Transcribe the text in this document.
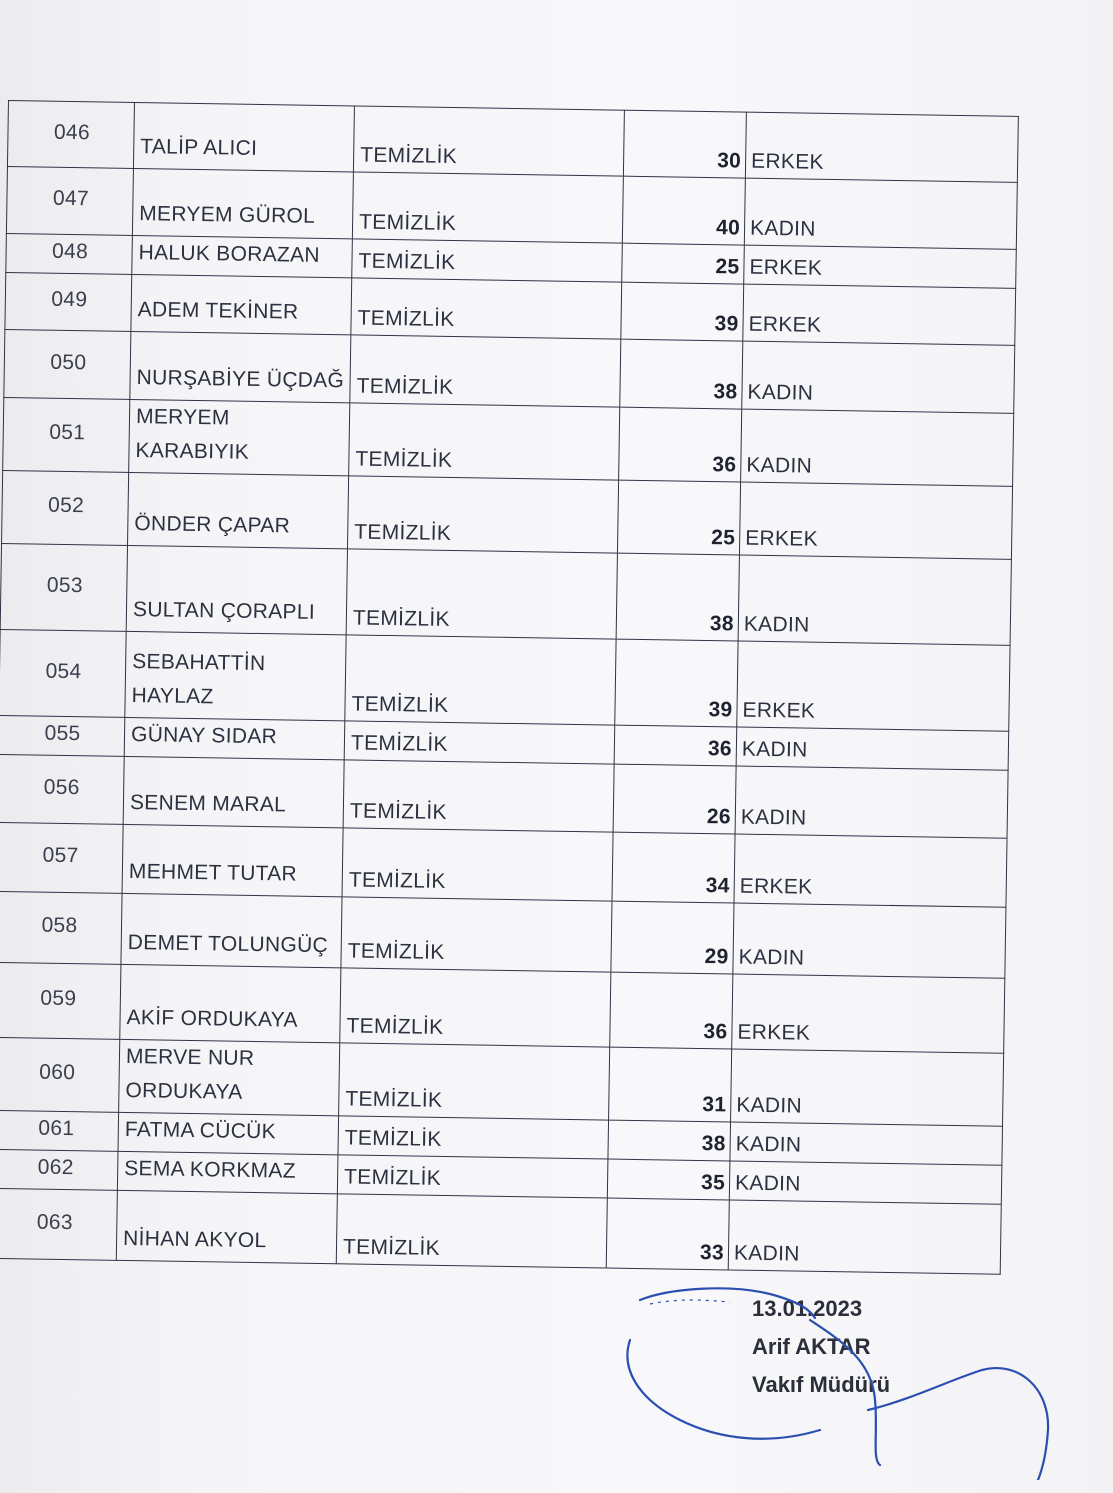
046	TALİP ALICI	TEMİZLİK	30	ERKEK
047	MERYEM GÜROL	TEMİZLİK	40	KADIN
048	HALUK BORAZAN	TEMİZLİK	25	ERKEK
049	ADEM TEKİNER	TEMİZLİK	39	ERKEK
050	NURŞABİYE ÜÇDAĞ	TEMİZLİK	38	KADIN
051	MERYEM KARABIYIK	TEMİZLİK	36	KADIN
052	ÖNDER ÇAPAR	TEMİZLİK	25	ERKEK
053	SULTAN ÇORAPLI	TEMİZLİK	38	KADIN
054	SEBAHATTİN HAYLAZ	TEMİZLİK	39	ERKEK
055	GÜNAY SIDAR	TEMİZLİK	36	KADIN
056	SENEM MARAL	TEMİZLİK	26	KADIN
057	MEHMET TUTAR	TEMİZLİK	34	ERKEK
058	DEMET TOLUNGÜÇ	TEMİZLİK	29	KADIN
059	AKİF ORDUKAYA	TEMİZLİK	36	ERKEK
060	MERVE NUR ORDUKAYA	TEMİZLİK	31	KADIN
061	FATMA CÜCÜK	TEMİZLİK	38	KADIN
062	SEMA KORKMAZ	TEMİZLİK	35	KADIN
063	NİHAN AKYOL	TEMİZLİK	33	KADIN
13.01.2023
Arif AKTAR
Vakıf Müdürü
